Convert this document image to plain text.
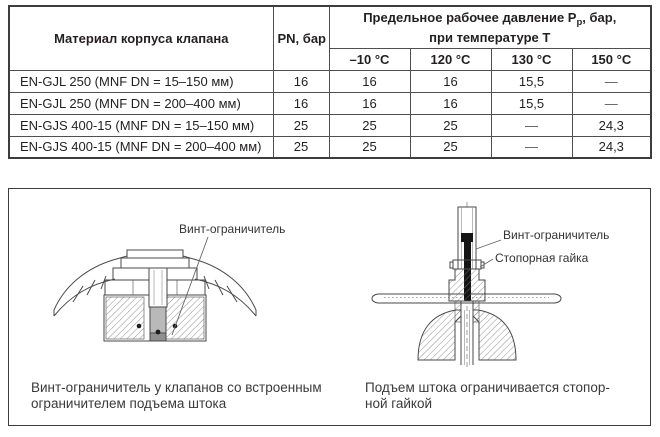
Материал корпуса клапана	PN, бар	Предельное рабочее давление $P_р$, бар,
при температуре Т			

		–10 °C	120 °C	130 °C	150 °C
EN-GJL 250 (MNF DN = 15–150 мм)	16	16	16	15,5	—
EN-GJL 250 (MNF DN = 200–400 мм)	16	16	16	15,5	—
EN-GJS 400-15 (MNF DN = 15–150 мм)	25	25	25	—	24,3
EN-GJS 400-15 (MNF DN = 200–400 мм)	25	25	25	—	24,3
Винт-ограничитель	Винт-ограничитель
Стопорная гайка
Винт-ограничитель у клапанов со встроенным
ограничителем подъема штока
Подъем штока ограничивается стопор-
ной гайкой
